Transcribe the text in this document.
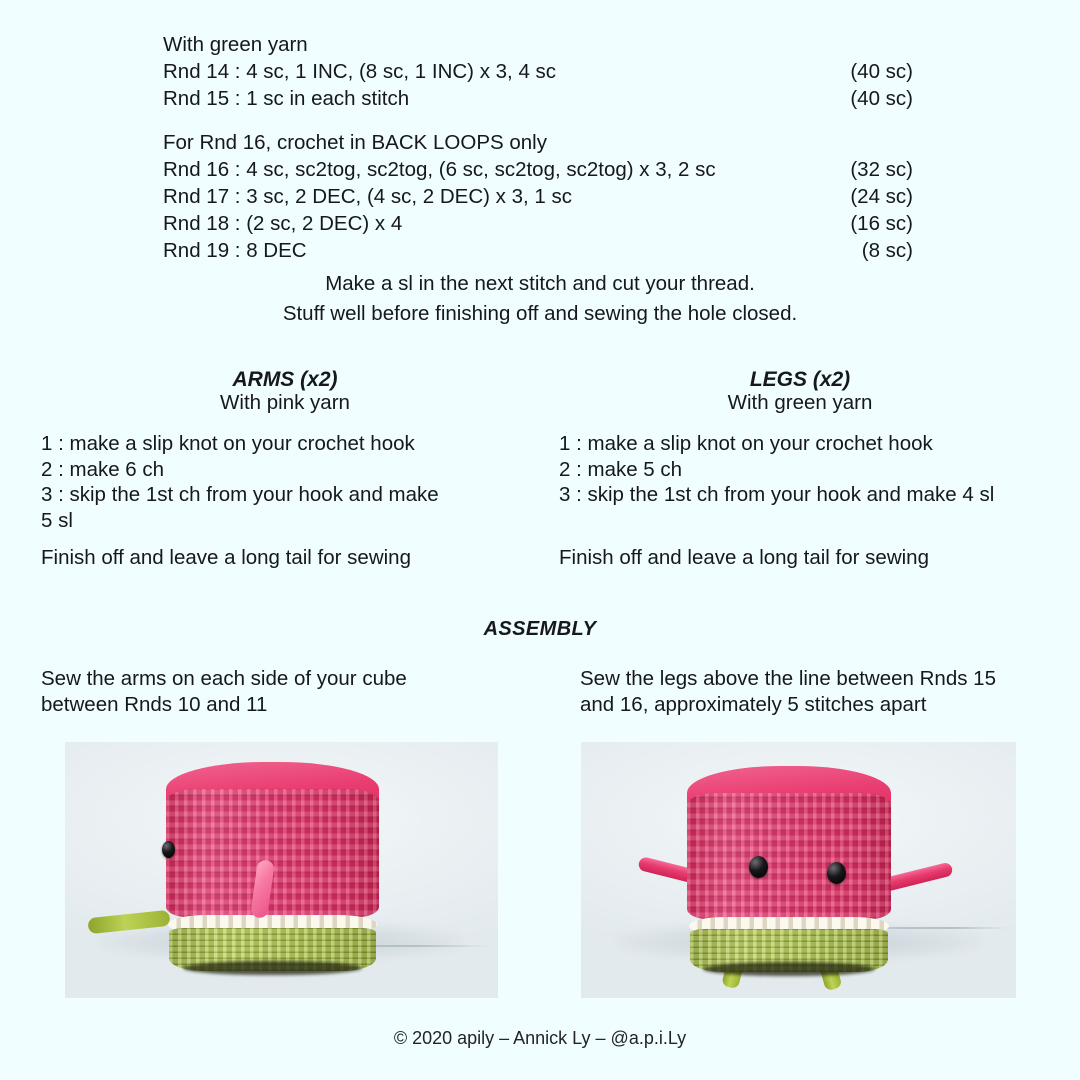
With green yarn
Rnd 14 : 4 sc, 1 INC, (8 sc, 1 INC) x 3, 4 sc	(40 sc)
Rnd 15 : 1 sc in each stitch	(40 sc)
For Rnd 16, crochet in BACK LOOPS only
Rnd 16 : 4 sc, sc2tog, sc2tog, (6 sc, sc2tog, sc2tog) x 3, 2 sc	(32 sc)
Rnd 17 : 3 sc, 2 DEC, (4 sc, 2 DEC) x 3, 1 sc	(24 sc)
Rnd 18 : (2 sc, 2 DEC) x 4	(16 sc)
Rnd 19 : 8 DEC	(8 sc)
Make a sl in the next stitch and cut your thread.
Stuff well before finishing off and sewing the hole closed.
ARMS (x2)
With pink yarn
1 : make a slip knot on your crochet hook
2 : make 6 ch
3 : skip the 1st ch from your hook and make
5 sl
Finish off and leave a long tail for sewing
LEGS (x2)
With green yarn
1 : make a slip knot on your crochet hook
2 : make 5 ch
3 : skip the 1st ch from your hook and make 4 sl
Finish off and leave a long tail for sewing
ASSEMBLY
Sew the arms on each side of your cube
between Rnds 10 and 11
Sew the legs above the line between Rnds 15
and 16, approximately 5 stitches apart
© 2020 apily – Annick Ly – @a.p.i.Ly
